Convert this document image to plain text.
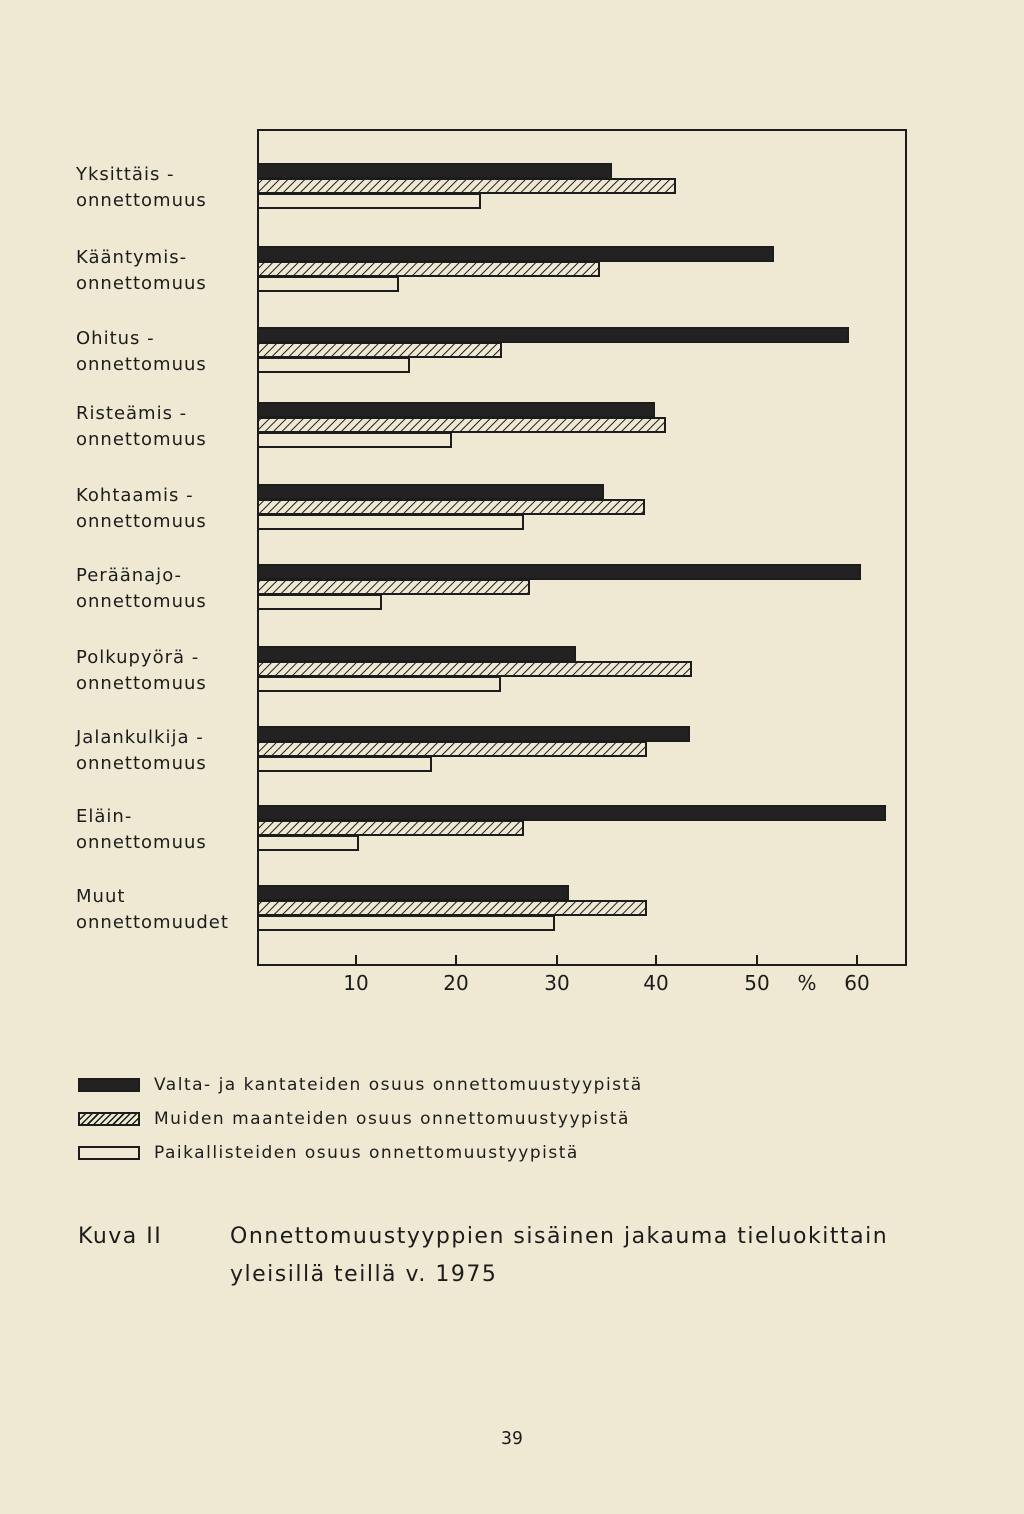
Yksittäis -onnettomuus
Kääntymis-onnettomuus
Ohitus -onnettomuus
Risteämis -onnettomuus
Kohtaamis -onnettomuus
Peräänajo-onnettomuus
Polkupyörä -onnettomuus
Jalankulkija -onnettomuus
Eläin-onnettomuus
Muut onnettomuudet
10	20	30	40	50	60
%
Valta- ja kantateiden osuus onnettomuustyypistä
Muiden maanteiden osuus onnettomuustyypistä
Paikallisteiden osuus onnettomuustyypistä
Kuva II	Onnettomuustyyppien sisäinen jakauma tieluokittain yleisillä teillä v. 1975
39
